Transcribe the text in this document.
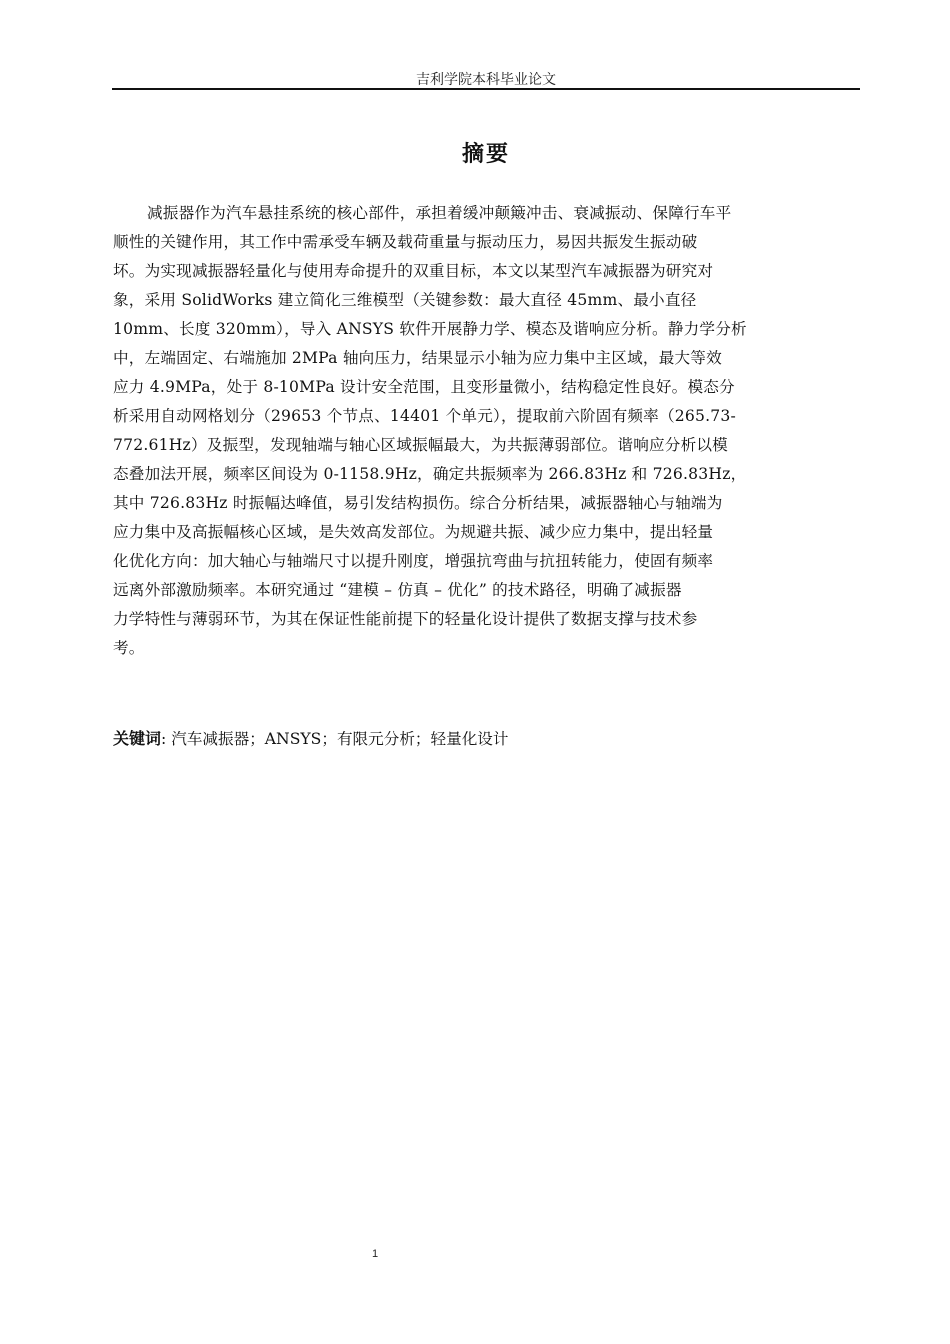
吉利学院本科毕业论文
摘要
减振器作为汽车悬挂系统的核心部件，承担着缓冲颠簸冲击、衰减振动、保障行车平
顺性的关键作用，其工作中需承受车辆及载荷重量与振动压力，易因共振发生振动破
坏。为实现减振器轻量化与使用寿命提升的双重目标，本文以某型汽车减振器为研究对
象，采用 SolidWorks 建立简化三维模型（关键参数：最大直径 45mm、最小直径
10mm、长度 320mm），导入 ANSYS 软件开展静力学、模态及谐响应分析。静力学分析
中，左端固定、右端施加 2MPa 轴向压力，结果显示小轴为应力集中主区域，最大等效
应力 4.9MPa，处于 8-10MPa 设计安全范围，且变形量微小，结构稳定性良好。模态分
析采用自动网格划分（29653 个节点、14401 个单元），提取前六阶固有频率（265.73-
772.61Hz）及振型，发现轴端与轴心区域振幅最大，为共振薄弱部位。谐响应分析以模
态叠加法开展，频率区间设为 0-1158.9Hz，确定共振频率为 266.83Hz 和 726.83Hz，
其中 726.83Hz 时振幅达峰值，易引发结构损伤。综合分析结果，减振器轴心与轴端为
应力集中及高振幅核心区域，是失效高发部位。为规避共振、减少应力集中，提出轻量
化优化方向：加大轴心与轴端尺寸以提升刚度，增强抗弯曲与抗扭转能力，使固有频率
远离外部激励频率。本研究通过 “建模 – 仿真 – 优化” 的技术路径，明确了减振器
力学特性与薄弱环节，为其在保证性能前提下的轻量化设计提供了数据支撑与技术参
考。
关键词: 汽车减振器；ANSYS；有限元分析；轻量化设计
1
